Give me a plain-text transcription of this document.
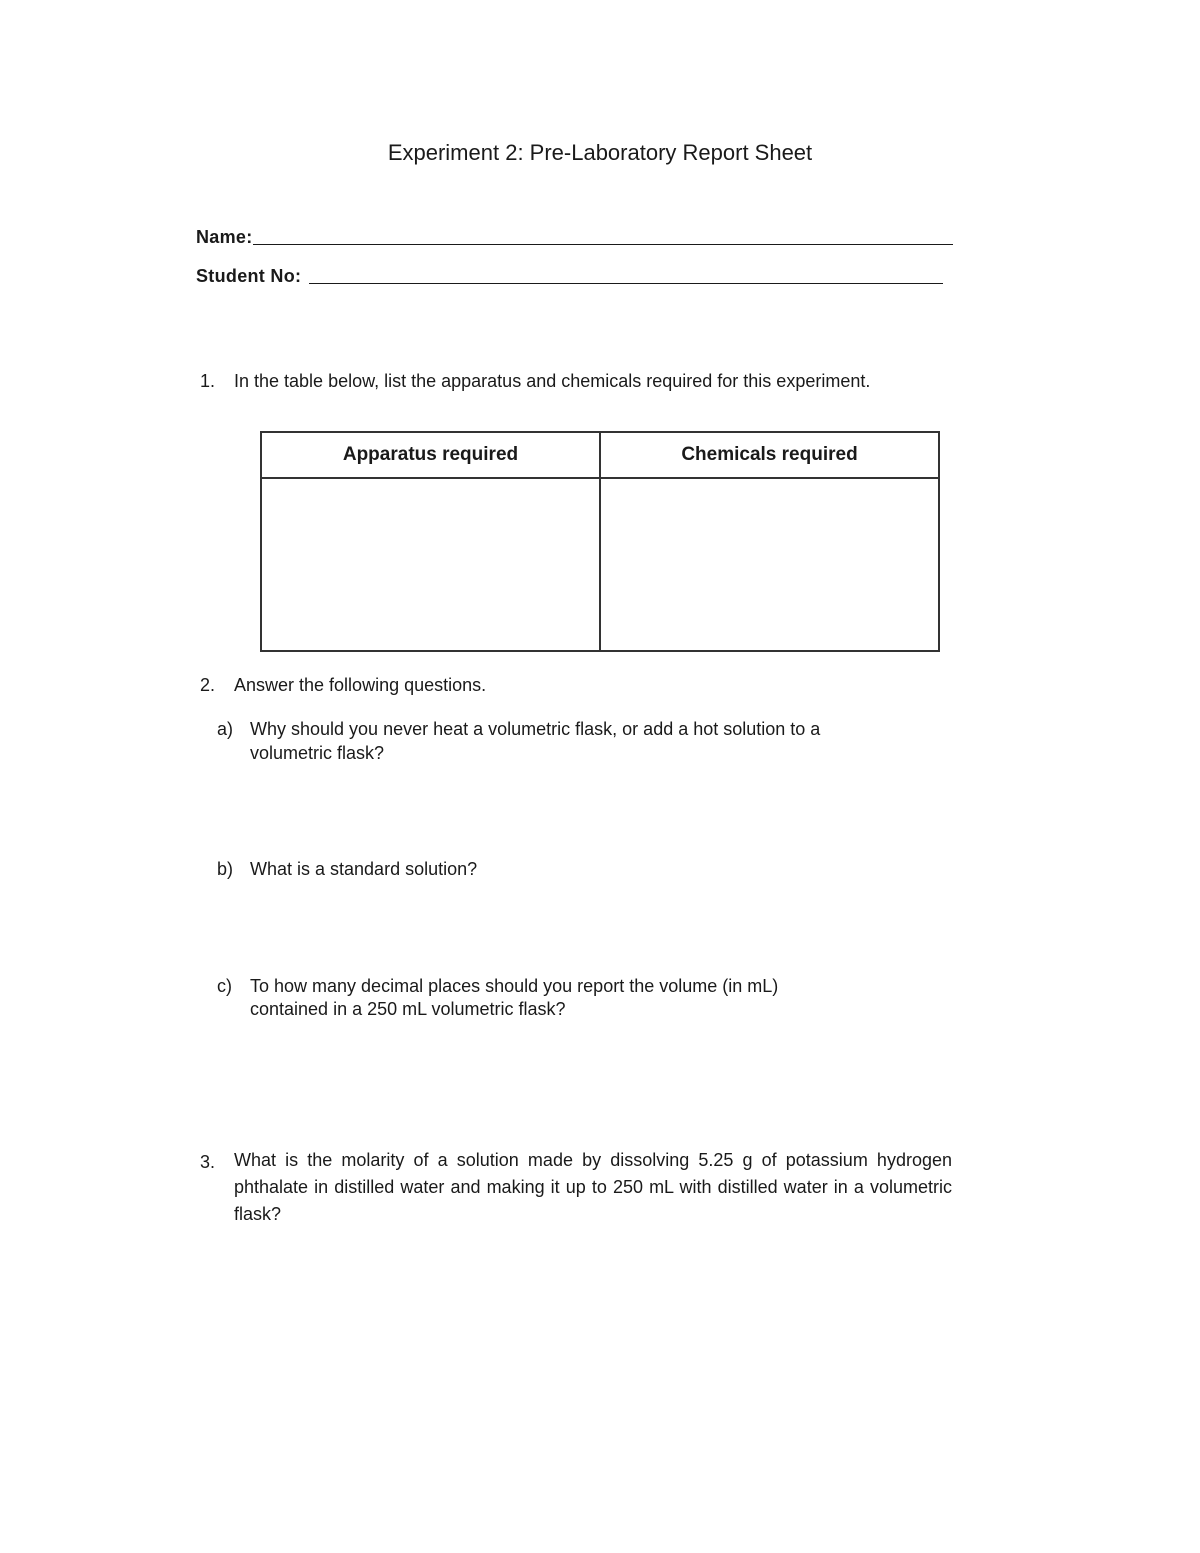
Experiment 2: Pre-Laboratory Report Sheet
Name:
Student No:
1. In the table below, list the apparatus and chemicals required for this experiment.
Apparatus required	Chemicals required

2. Answer the following questions.
a) Why should you never heat a volumetric flask, or add a hot solution to a
volumetric flask?
b) What is a standard solution?
c) To how many decimal places should you report the volume (in mL)
contained in a 250 mL volumetric flask?
3. What is the molarity of a solution made by dissolving 5.25 g of potassium hydrogen phthalate in distilled water and making it up to 250 mL with distilled water in a volumetric flask?
